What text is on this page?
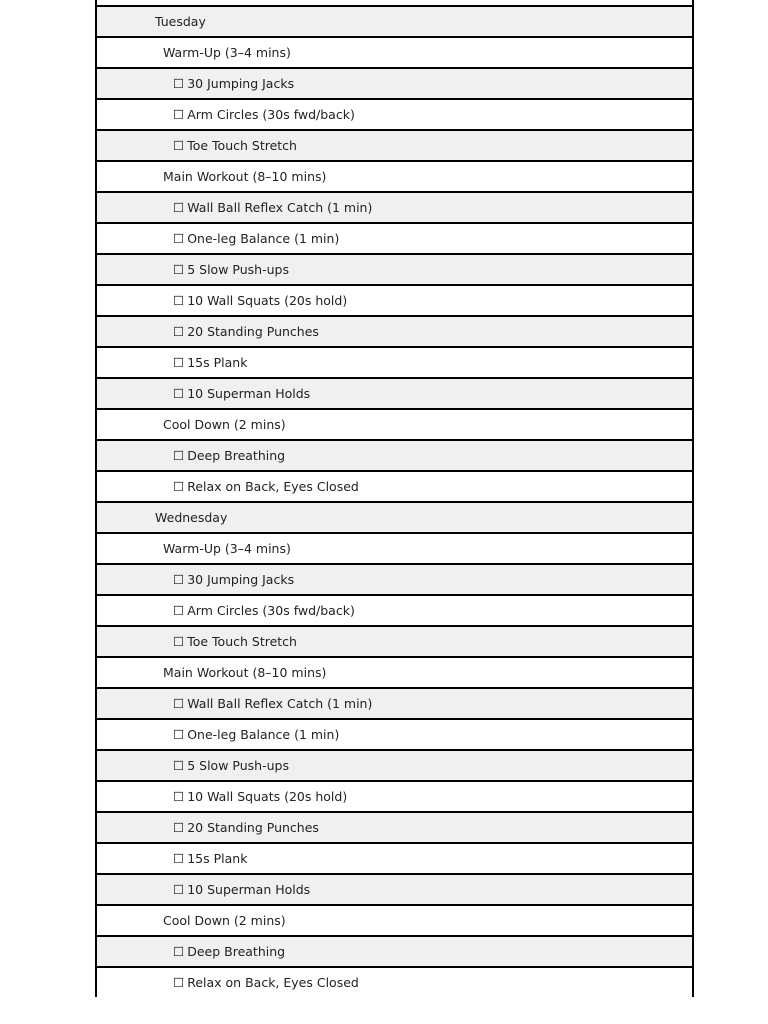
Tuesday
Warm-Up (3–4 mins)
☐ 30 Jumping Jacks
☐ Arm Circles (30s fwd/back)
☐ Toe Touch Stretch
Main Workout (8–10 mins)
☐ Wall Ball Reflex Catch (1 min)
☐ One-leg Balance (1 min)
☐ 5 Slow Push-ups
☐ 10 Wall Squats (20s hold)
☐ 20 Standing Punches
☐ 15s Plank
☐ 10 Superman Holds
Cool Down (2 mins)
☐ Deep Breathing
☐ Relax on Back, Eyes Closed
Wednesday
Warm-Up (3–4 mins)
☐ 30 Jumping Jacks
☐ Arm Circles (30s fwd/back)
☐ Toe Touch Stretch
Main Workout (8–10 mins)
☐ Wall Ball Reflex Catch (1 min)
☐ One-leg Balance (1 min)
☐ 5 Slow Push-ups
☐ 10 Wall Squats (20s hold)
☐ 20 Standing Punches
☐ 15s Plank
☐ 10 Superman Holds
Cool Down (2 mins)
☐ Deep Breathing
☐ Relax on Back, Eyes Closed
